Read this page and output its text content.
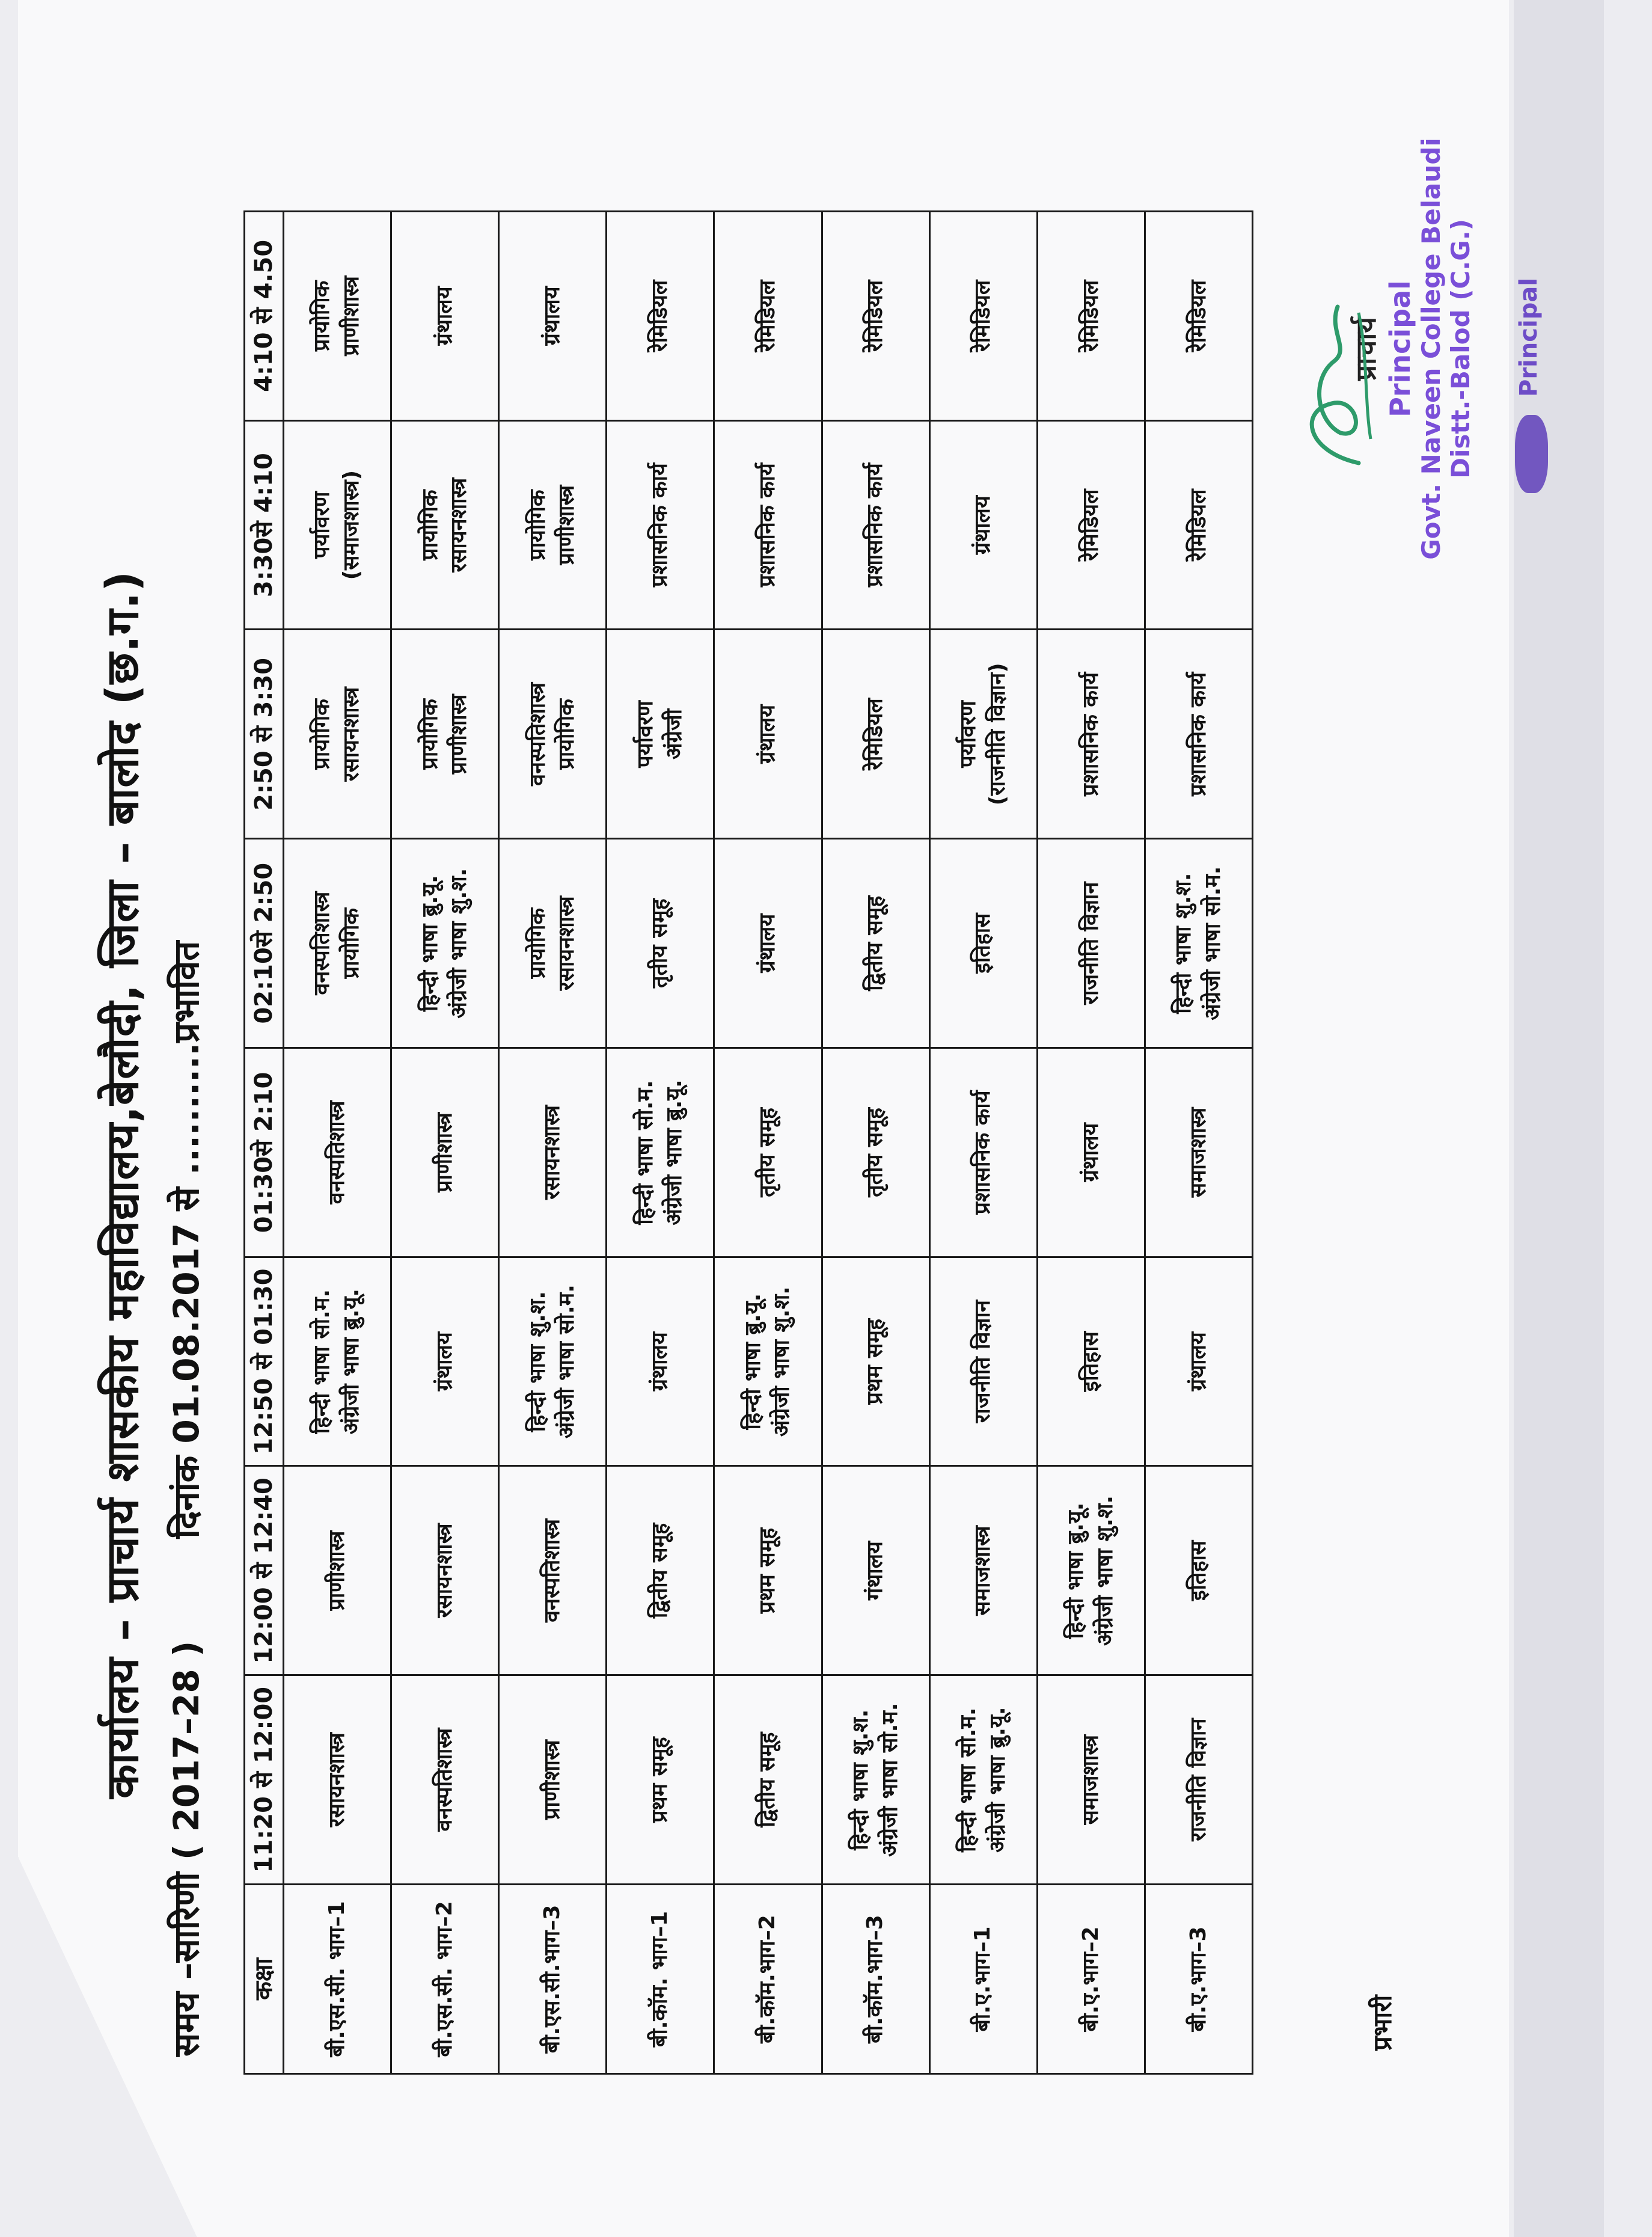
कार्यालय – प्राचार्य शासकीय महाविद्यालय,बेलौदी, जिला – बालोद (छ.ग.)
समय –सारिणी ( 2017–28 ) दिनांक 01.08.2017 से ..........प्रभावित
कक्षा	11:20 से 12:00	12:00 से 12:40	12:50 से 01:30	01:30से 2:10	02:10से 2:50	2:50 से 3:30	3:30से 4:10	4:10 से 4.50
बी.एस.सी. भाग–1	रसायनशास्त्र	प्राणीशास्त्र	हिन्दी भाषा सो.म. अंग्रेजी भाषा ब्रु.यू.	वनस्पतिशास्त्र	वनस्पतिशास्त्र प्रायोगिक	प्रायोगिक रसायनशास्त्र	पर्यावरण (समाजशास्त्र)	प्रायोगिक प्राणीशास्त्र

बी.एस.सी. भाग–2	वनस्पतिशास्त्र	रसायनशास्त्र	ग्रंथालय	प्राणीशास्त्र	हिन्दी भाषा ब्रु.यू. अंग्रेजी भाषा शु.श.	प्रायोगिक प्राणीशास्त्र	प्रायोगिक रसायनशास्त्र	ग्रंथालय
बी.एस.सी.भाग–3	प्राणीशास्त्र	वनस्पतिशास्त्र	हिन्दी भाषा शु.श. अंग्रेजी भाषा सो.म.	रसायनशास्त्र	प्रायोगिक रसायनशास्त्र	वनस्पतिशास्त्र प्रायोगिक	प्रायोगिक प्राणीशास्त्र	ग्रंथालय
बी.कॉम. भाग–1	प्रथम समूह	द्वितीय समूह	ग्रंथालय	हिन्दी भाषा सो.म. अंग्रेजी भाषा ब्रु.यू.	तृतीय समूह	पर्यावरण अंग्रेजी	प्रशासनिक कार्य	रेमिडियल
बी.कॉम.भाग–2	द्वितीय समूह	प्रथम समूह	हिन्दी भाषा ब्रु.यू. अंग्रेजी भाषा शु.श.	तृतीय समूह	ग्रंथालय	ग्रंथालय	प्रशासनिक कार्य	रेमिडियल
बी.कॉम.भाग–3	हिन्दी भाषा शु.श. अंग्रेजी भाषा सो.म.	गंथालय	प्रथम समूह	तृतीय समूह	द्वितीय समूह	रेमिडियल	प्रशासनिक कार्य	रेमिडियल
बी.ए.भाग–1	हिन्दी भाषा सो.म. अंग्रेजी भाषा ब्रु.यू.	समाजशास्त्र	राजनीति विज्ञान	प्रशासनिक कार्य	इतिहास	पर्यावरण (राजनीति विज्ञान)	ग्रंथालय	रेमिडियल
बी.ए.भाग–2	समाजशास्त्र	हिन्दी भाषा ब्रु.यू. अंग्रेजी भाषा शु.श.	इतिहास	ग्रंथालय	राजनीति विज्ञान	प्रशासनिक कार्य	रेमिडियल	रेमिडियल
बी.ए.भाग–3	राजनीति विज्ञान	इतिहास	ग्रंथालय	समाजशास्त्र	हिन्दी भाषा शु.श. अंग्रेजी भाषा सो.म.	प्रशासनिक कार्य	रेमिडियल	रेमिडियल
प्रभारी
प्राचार्य Principal Govt. Naveen College Belaudi Distt.-Balod (C.G.) Principal
